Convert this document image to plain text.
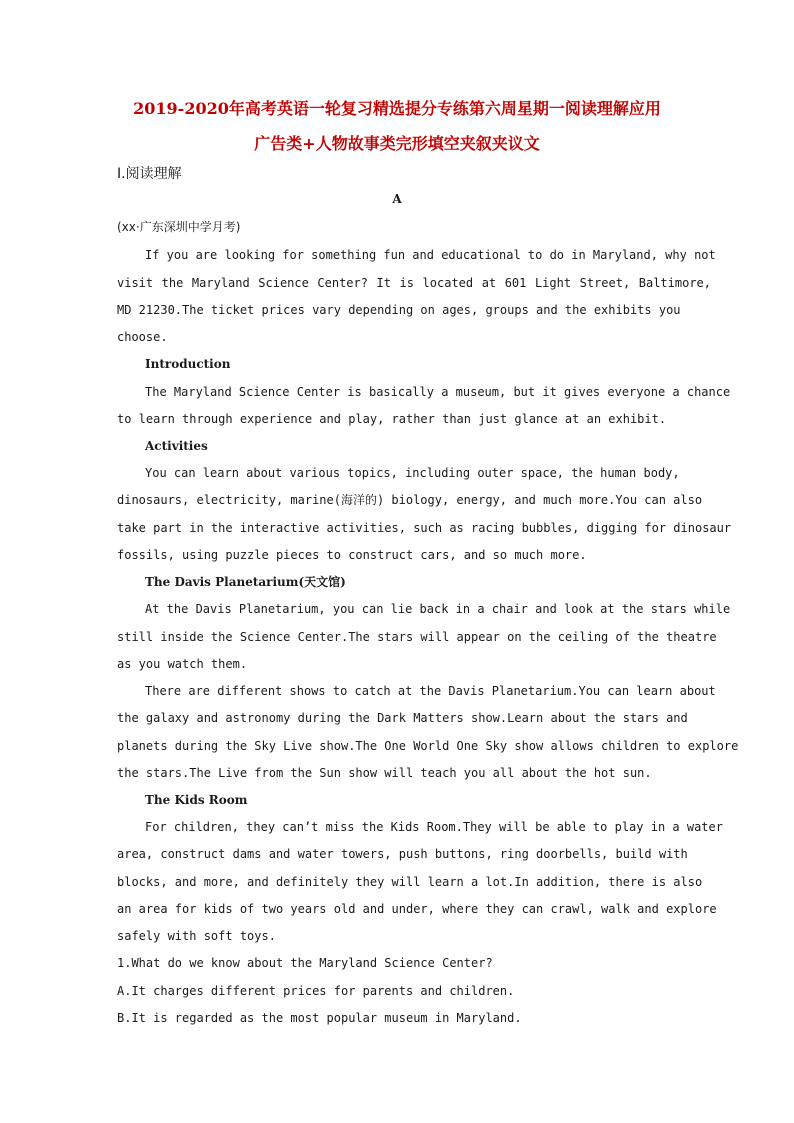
2019-2020年高考英语一轮复习精选提分专练第六周星期一阅读理解应用
广告类+人物故事类完形填空夹叙夹议文
Ⅰ.阅读理解
A
(xx·广东深圳中学月考)
If you are looking for something fun and educational to do in Maryland, why not
visit the Maryland Science Center? It is located at 601 Light Street, Baltimore,
MD 21230.The ticket prices vary depending on ages, groups and the exhibits you
choose.
Introduction
The Maryland Science Center is basically a museum, but it gives everyone a chance
to learn through experience and play, rather than just glance at an exhibit.
Activities
You can learn about various topics, including outer space, the human body,
dinosaurs, electricity, marine(海洋的) biology, energy, and much more.You can also
take part in the interactive activities, such as racing bubbles, digging for dinosaur
fossils, using puzzle pieces to construct cars, and so much more.
The Davis Planetarium(天文馆)
At the Davis Planetarium, you can lie back in a chair and look at the stars while
still inside the Science Center.The stars will appear on the ceiling of the theatre
as you watch them.
There are different shows to catch at the Davis Planetarium.You can learn about
the galaxy and astronomy during the Dark Matters show.Learn about the stars and
planets during the Sky Live show.The One World One Sky show allows children to explore
the stars.The Live from the Sun show will teach you all about the hot sun.
The Kids Room
For children, they can’t miss the Kids Room.They will be able to play in a water
area, construct dams and water towers, push buttons, ring doorbells, build with
blocks, and more, and definitely they will learn a lot.In addition, there is also
an area for kids of two years old and under, where they can crawl, walk and explore
safely with soft toys.
1.What do we know about the Maryland Science Center?
A.It charges different prices for parents and children.
B.It is regarded as the most popular museum in Maryland.
